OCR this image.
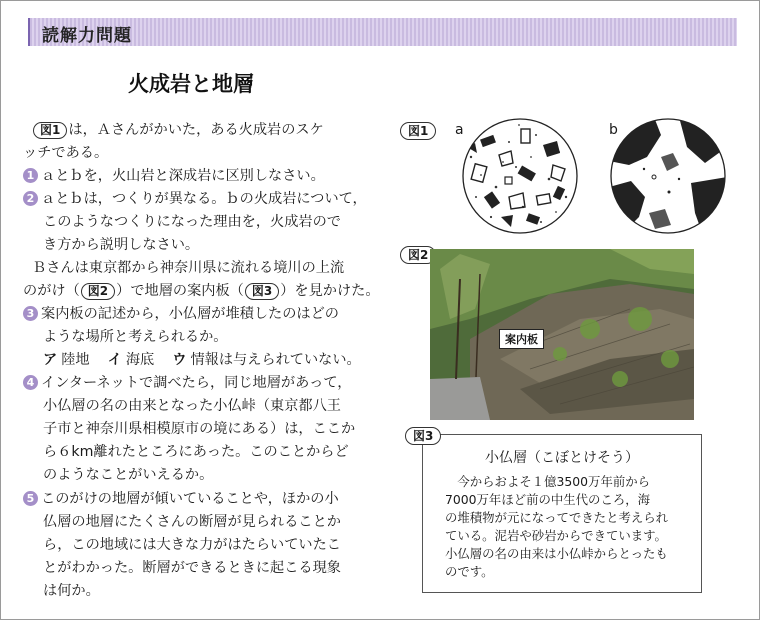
読解力問題
火成岩と地層
図1 は，Ａさんがかいた，ある火成岩のスケ
ッチである。
1 ａとｂを，火山岩と深成岩に区別しなさい。
2 ａとｂは，つくりが異なる。ｂの火成岩について，
このようなつくりになった理由を，火成岩ので
き方から説明しなさい。
Ｂさんは東京都から神奈川県に流れる境川の上流
のがけ（ 図2 ）で地層の案内板（ 図3 ）を見かけた。
3 案内板の記述から，小仏層が堆積したのはどの
ような場所と考えられるか。
ア 陸地 イ 海底 ウ 情報は与えられていない。
4 インターネットで調べたら，同じ地層があって，
小仏層の名の由来となった小仏峠（東京都八王
子市と神奈川県相模原市の境にある）は，ここか
ら６km離れたところにあった。このことからど
のようなことがいえるか。
5 このがけの地層が傾いていることや，ほかの小
仏層の地層にたくさんの断層が見られることか
ら，この地域には大きな力がはたらいていたこ
とがわかった。断層ができるときに起こる現象
は何か。
図1	a	b
図2
案内板
図3
小仏層（こぼとけそう）
　今からおよそ１億3500万年前から
7000万年ほど前の中生代のころ，海
の堆積物が元になってできたと考えられ
ている。泥岩や砂岩からできています。
小仏層の名の由来は小仏峠からとったも
のです。
